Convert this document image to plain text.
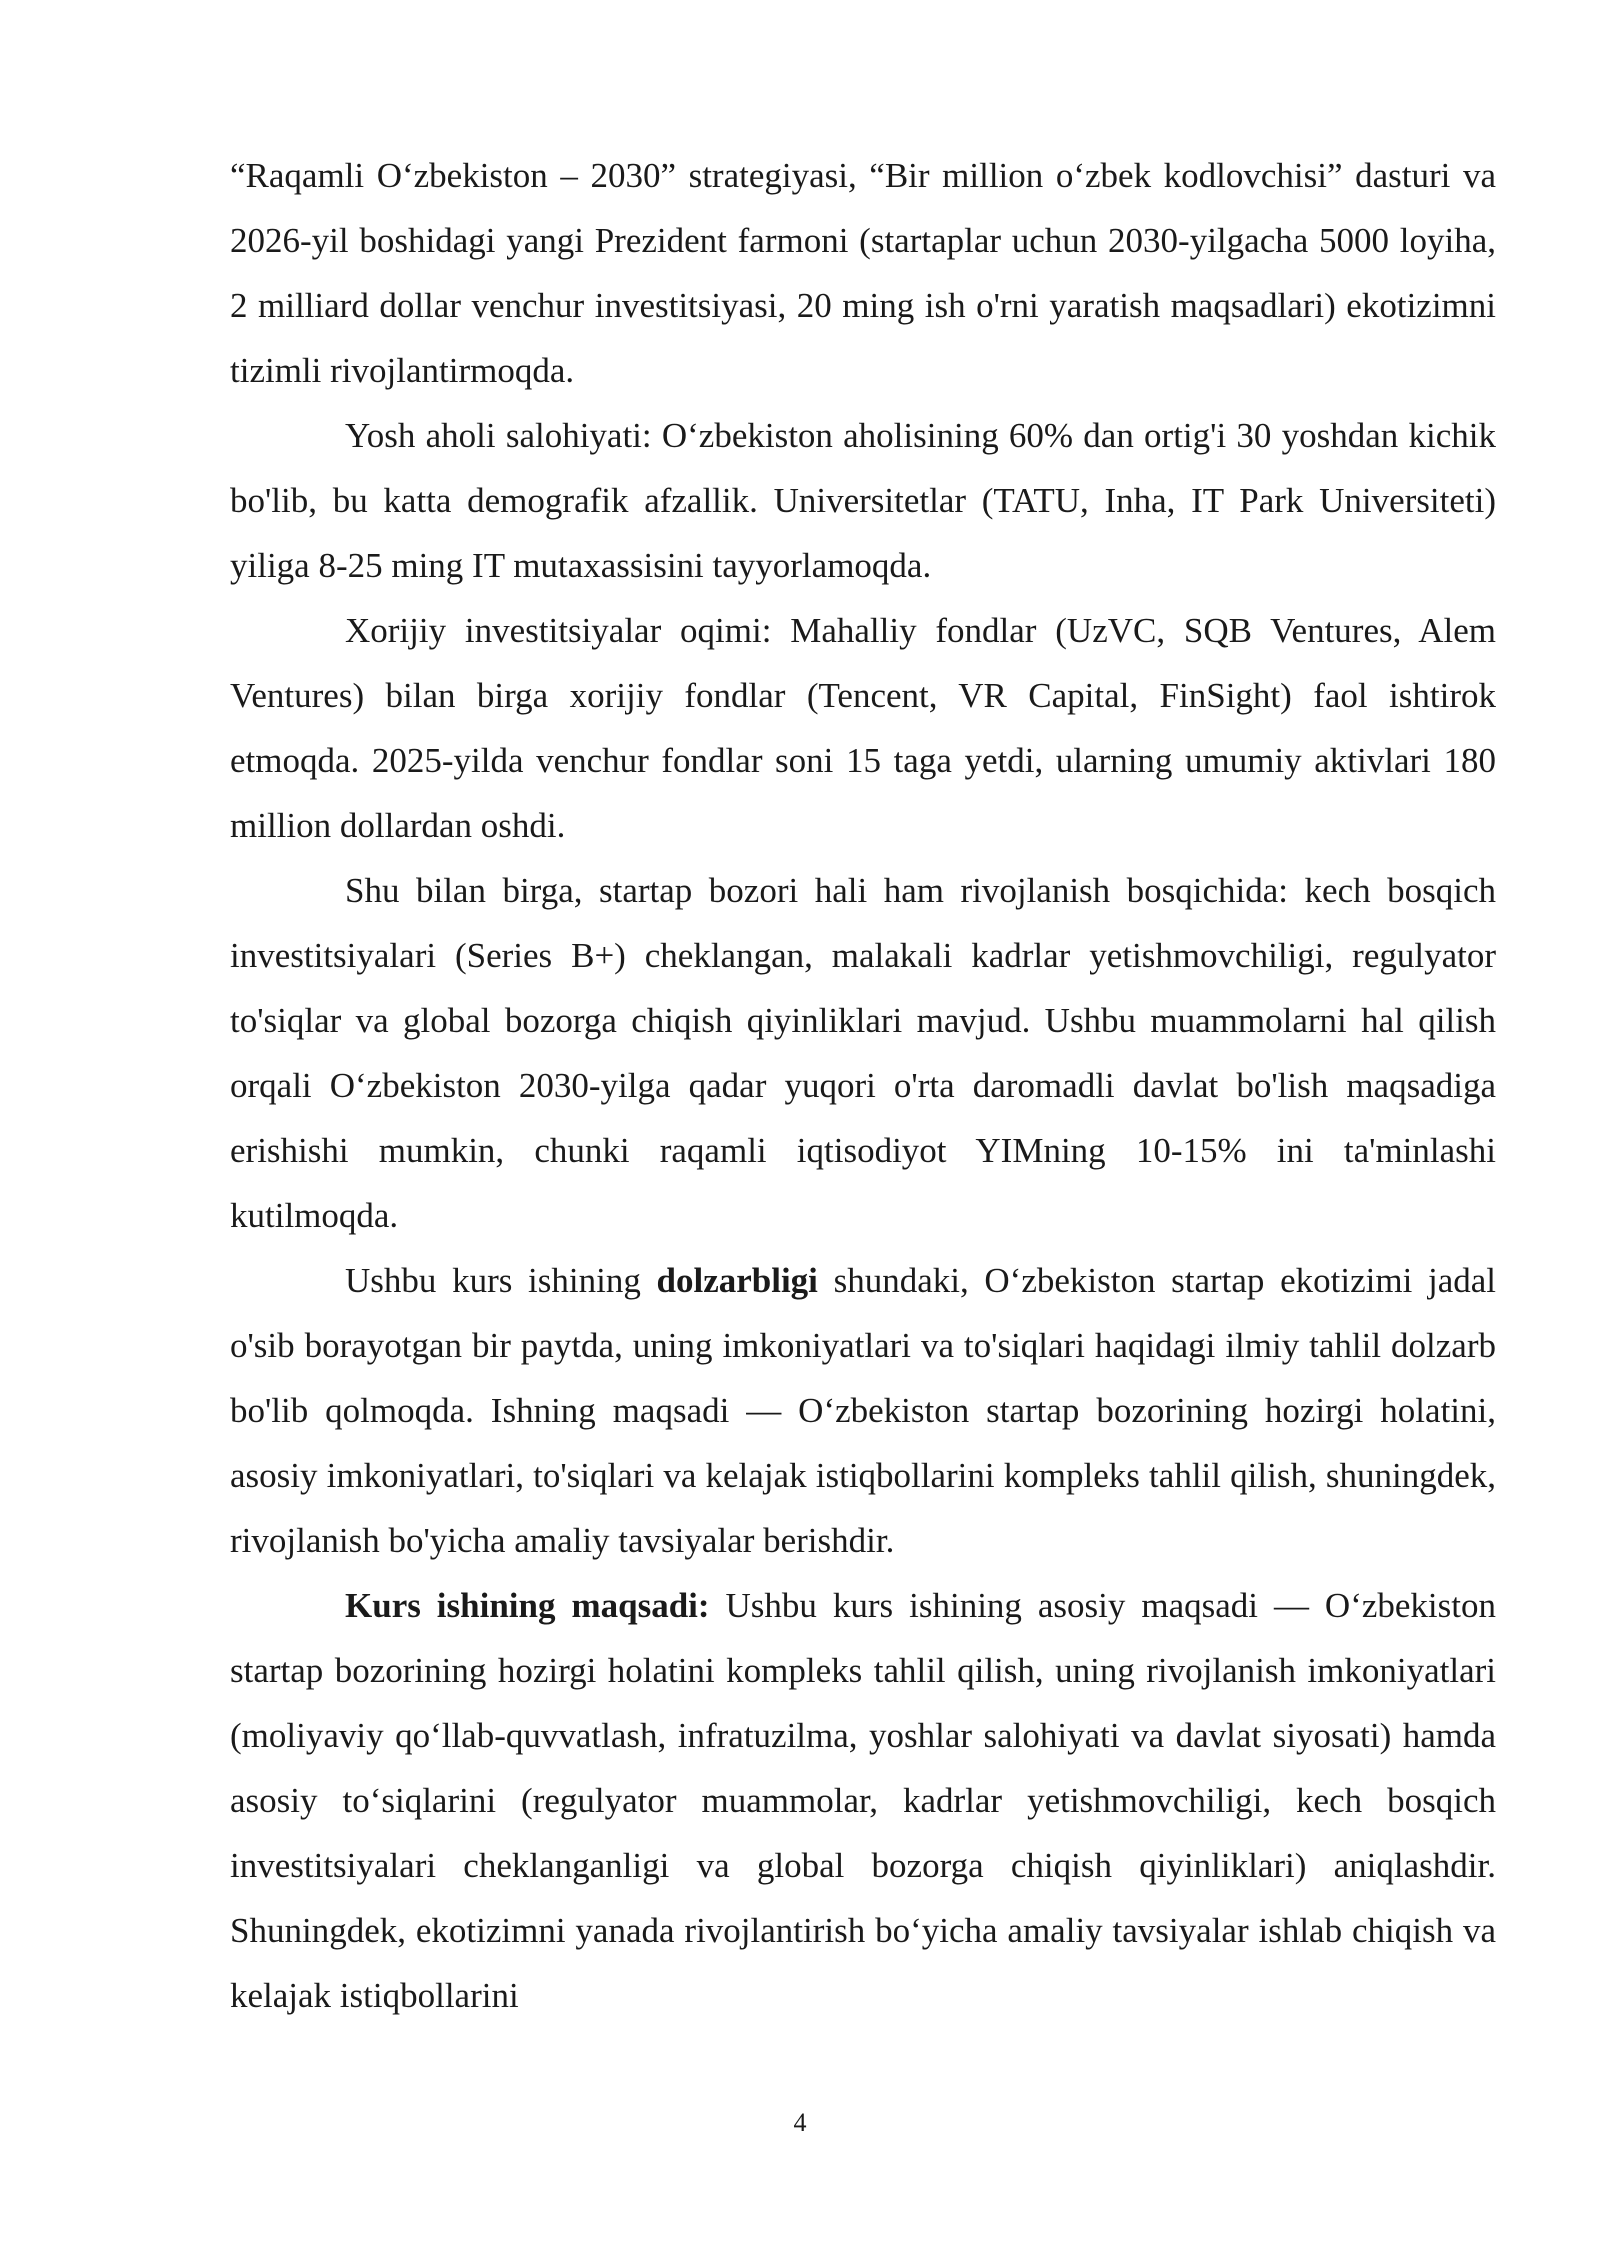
“Raqamli O‘zbekiston – 2030” strategiyasi, “Bir million o‘zbek kodlovchisi” dasturi va 2026-yil boshidagi yangi Prezident farmoni (startaplar uchun 2030-yilgacha 5000 loyiha, 2 milliard dollar venchur investitsiyasi, 20 ming ish o'rni yaratish maqsadlari) ekotizimni tizimli rivojlantirmoqda.

Yosh aholi salohiyati: O‘zbekiston aholisining 60% dan ortig'i 30 yoshdan kichik bo'lib, bu katta demografik afzallik. Universitetlar (TATU, Inha, IT Park Universiteti) yiliga 8-25 ming IT mutaxassisini tayyorlamoqda.

Xorijiy investitsiyalar oqimi: Mahalliy fondlar (UzVC, SQB Ventures, Alem Ventures) bilan birga xorijiy fondlar (Tencent, VR Capital, FinSight) faol ishtirok etmoqda. 2025-yilda venchur fondlar soni 15 taga yetdi, ularning umumiy aktivlari 180 million dollardan oshdi.

Shu bilan birga, startap bozori hali ham rivojlanish bosqichida: kech bosqich investitsiyalari (Series B+) cheklangan, malakali kadrlar yetishmovchiligi, regulyator to'siqlar va global bozorga chiqish qiyinliklari mavjud. Ushbu muammolarni hal qilish orqali O‘zbekiston 2030-yilga qadar yuqori o'rta daromadli davlat bo'lish maqsadiga erishishi mumkin, chunki raqamli iqtisodiyot YIMning 10-15% ini ta'minlashi kutilmoqda.

Ushbu kurs ishining dolzarbligi shundaki, O‘zbekiston startap ekotizimi jadal o'sib borayotgan bir paytda, uning imkoniyatlari va to'siqlari haqidagi ilmiy tahlil dolzarb bo'lib qolmoqda. Ishning maqsadi — O‘zbekiston startap bozorining hozirgi holatini, asosiy imkoniyatlari, to'siqlari va kelajak istiqbollarini kompleks tahlil qilish, shuningdek, rivojlanish bo'yicha amaliy tavsiyalar berishdir.

Kurs ishining maqsadi: Ushbu kurs ishining asosiy maqsadi — O‘zbekiston startap bozorining hozirgi holatini kompleks tahlil qilish, uning rivojlanish imkoniyatlari (moliyaviy qo‘llab-quvvatlash, infratuzilma, yoshlar salohiyati va davlat siyosati) hamda asosiy to‘siqlarini (regulyator muammolar, kadrlar yetishmovchiligi, kech bosqich investitsiyalari cheklanganligi va global bozorga chiqish qiyinliklari) aniqlashdir. Shuningdek, ekotizimni yanada rivojlantirish bo‘yicha amaliy tavsiyalar ishlab chiqish va kelajak istiqbollarini

4
